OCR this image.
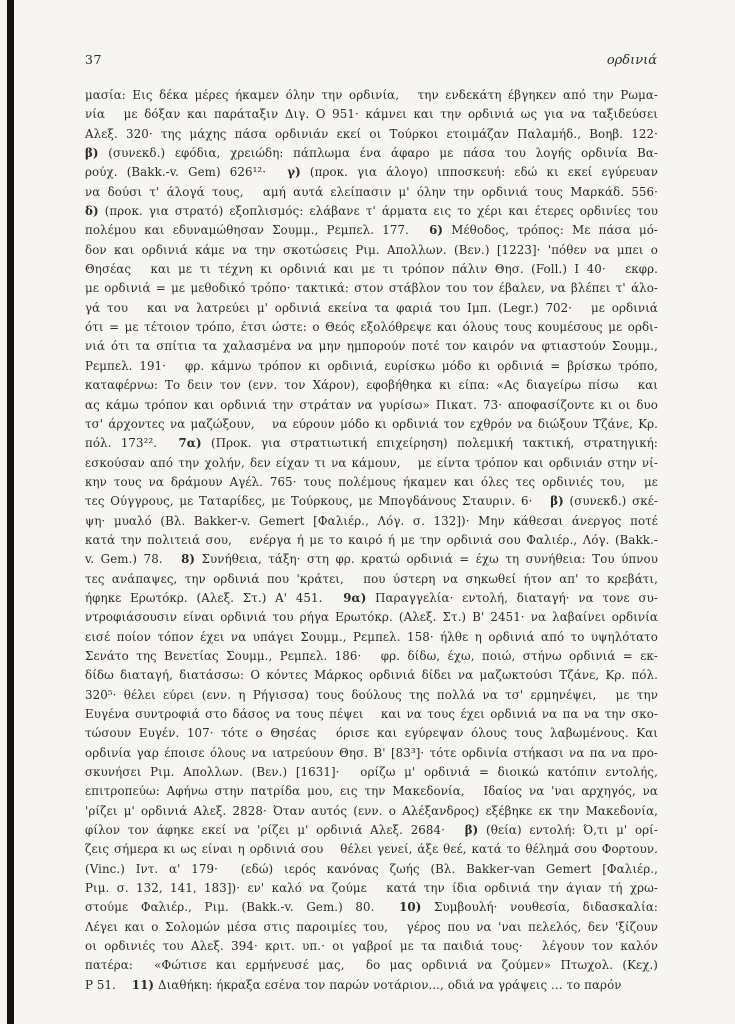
37	ορδινιά
μασία: Εις δέκα μέρες ήκαμεν όλην την ορδινία,   την ενδεκάτη έβγηκεν από την Ρωμα-
νία   με δόξαν και παράταξιν Διγ. Ο 951· κάμνει και την ορδινιά ως για να ταξιδεύσει
Αλεξ. 320· της μάχης πάσα ορδινιάν εκεί οι Τούρκοι ετοιμάζαν Παλαμήδ., Βοηβ. 122·
β) (συνεκδ.) εφόδια, χρειώδη: πάπλωμα ένα άφαρο με πάσα του λογής ορδινία Βα-
ρούχ. (Bakk.-v. Gem) 626¹²·   γ) (προκ. για άλογο) ιπποσκευή: εδώ κι εκεί εγύρευαν
να δούσι τ' άλογά τους,   αμή αυτά ελείπασιν μ' όλην την ορδινιά τους Μαρκάδ. 556·
δ) (προκ. για στρατό) εξοπλισμός: ελάβανε τ' άρματα εις το χέρι και έτερες ορδινίες του
πολέμου και εδυναμώθησαν Σουμμ., Ρεμπελ. 177.   6) Μέθοδος, τρόπος: Με πάσα μό-
δον και ορδινιά κάμε να την σκοτώσεις Ριμ. Απολλων. (Βεν.) [1223]· 'πόθεν να μπει ο
Θησέας   και με τι τέχνη κι ορδινιά και με τι τρόπον πάλιν Θησ. (Foll.) I 40·   εκφρ.
με ορδινιά = με μεθοδικό τρόπο· τακτικά: στον στάβλον του τον έβαλεν, να βλέπει τ' άλο-
γά του   και να λατρεύει μ' ορδινιά εκείνα τα φαριά του Ιμπ. (Legr.) 702·   με ορδινιά
ότι = με τέτοιον τρόπο, έτσι ώστε: ο Θεός εξολόθρεψε και όλους τους κουμέσους με ορδι-
νιά ότι τα σπίτια τα χαλασμένα να μην ημπορούν ποτέ τον καιρόν να φτιαστούν Σουμμ.,
Ρεμπελ. 191·   φρ. κάμνω τρόπον κι ορδινιά, ευρίσκω μόδο κι ορδινιά = βρίσκω τρόπο,
καταφέρνω: Το δειν τον (ενν. τον Χάρον), εφοβήθηκα κι είπα: «Ας διαγείρω πίσω   και
ας κάμω τρόπον και ορδινιά την στράταν να γυρίσω» Πικατ. 73· αποφασίζοντε κι οι δυο
τσ' άρχοντες να μαζώξουν,   να εύρουν μόδο κι ορδινιά τον εχθρόν να διώξουν Τζάνε, Κρ.
πόλ. 173²².   7α) (Προκ. για στρατιωτική επιχείρηση) πολεμική τακτική, στρατηγική:
εσκούσαν από την χολήν, δεν είχαν τι να κάμουν,   με είντα τρόπον και ορδινιάν στην νί-
κην τους να δράμουν Αγέλ. 765· τους πολέμους ήκαμεν και όλες τες ορδινιές του,   με
τες Ούγγρους, με Ταταρίδες, με Τούρκους, με Μπογδάνους Σταυριν. 6·   β) (συνεκδ.) σκέ-
ψη· μυαλό (Βλ. Bakker-v. Gemert [Φαλιέρ., Λόγ. σ. 132])· Μην κάθεσαι άνεργος ποτέ
κατά την πολιτειά σου,   ενέργα ή με το καιρό ή με την ορδινιά σου Φαλιέρ., Λόγ. (Bakk.-
v. Gem.) 78.   8) Συνήθεια, τάξη· στη φρ. κρατώ ορδινιά = έχω τη συνήθεια: Του ύπνου
τες ανάπαψες, την ορδινιά που 'κράτει,   που ύστερη να σηκωθεί ήτον απ' το κρεβάτι,
ήφηκε Ερωτόκρ. (Αλεξ. Στ.) Α' 451.   9α) Παραγγελία· εντολή, διαταγή· να τονε συ-
ντροφιάσουσιν είναι ορδινιά του ρήγα Ερωτόκρ. (Αλεξ. Στ.) Β' 2451· να λαβαίνει ορδινία
εισέ ποίον τόπον έχει να υπάγει Σουμμ., Ρεμπελ. 158· ήλθε η ορδινιά από το υψηλότατο
Σενάτο της Βενετίας Σουμμ., Ρεμπελ. 186·   φρ. δίδω, έχω, ποιώ, στήνω ορδινιά = εκ-
δίδω διαταγή, διατάσσω: Ο κόντες Μάρκος ορδινιά δίδει να μαζωκτούσι Τζάνε, Κρ. πόλ.
320⁵· θέλει εύρει (ενν. η Ρήγισσα) τους δούλους της πολλά να τσ' ερμηνέψει,   με την
Ευγένα συντροφιά στο δάσος να τους πέψει   και να τους έχει ορδινιά να πα να την σκο-
τώσουν Ευγέν. 107· τότε ο Θησέας   όρισε και εγύρεψαν όλους τους λαβωμένους. Και
ορδινία γαρ έποισε όλους να ιατρεύουν Θησ. Β' [83³]· τότε ορδινία στήκασι να πα να προ-
σκυνήσει Ριμ. Απολλων. (Βεν.) [1631]·   ορίζω μ' ορδινιά = διοικώ κατόπιν εντολής,
επιτροπεύω: Αφήνω στην πατρίδα μου, εις την Μακεδονία,   Ιδαίος να 'ναι αρχηγός, να
'ρίζει μ' ορδινιά Αλεξ. 2828· Όταν αυτός (ενν. ο Αλέξανδρος) εξέβηκε εκ την Μακεδονία,
φίλον τον άφηκε εκεί να 'ρίζει μ' ορδινιά Αλεξ. 2684·   β) (θεία) εντολή: Ό,τι μ' ορί-
ζεις σήμερα κι ως είναι η ορδινιά σου   θέλει γενεί, άξε θεέ, κατά το θέλημά σου Φορτουν.
(Vinc.) Ιντ. α' 179·   (εδώ) ιερός κανόνας ζωής (Βλ. Bakker-van Gemert [Φαλιέρ.,
Ριμ. σ. 132, 141, 183])· εν' καλό να ζούμε   κατά την ίδια ορδινιά την άγιαν τή χρω-
στούμε Φαλιέρ., Ριμ. (Bakk.-v. Gem.) 80.   10) Συμβουλή· νουθεσία, διδασκαλία:
Λέγει και ο Σολομών μέσα στις παροιμίες του,   γέρος που να 'ναι πελελός, δεν 'ξίζουν
οι ορδινιές του Αλεξ. 394· κριτ. υπ.· οι γαβροί με τα παιδιά τους·   λέγουν τον καλόν
πατέρα:   «Φώτισε και ερμήνευσέ μας,   δο μας ορδινιά να ζούμεν» Πτωχολ. (Κεχ.)
P 51.   11) Διαθήκη: ήκραξα εσένα τον παρών νοτάριον..., οδιά να γράψεις ... το παρόν
